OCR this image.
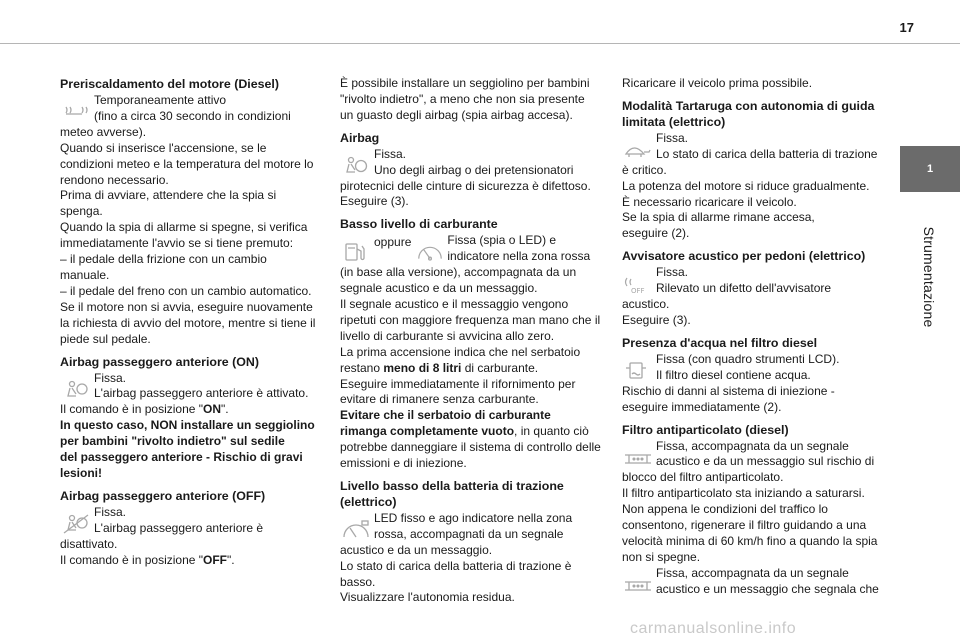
17
1
Strumentazione
Preriscaldamento del motore (Diesel)
Temporaneamente attivo
(fino a circa 30 secondo in condizioni
meteo avverse).
Quando si inserisce l'accensione, se le
condizioni meteo e la temperatura del motore lo
rendono necessario.
Prima di avviare, attendere che la spia si
spenga.
Quando la spia di allarme si spegne, si verifica
immediatamente l'avvio se si tiene premuto:
– il pedale della frizione con un cambio
manuale.
– il pedale del freno con un cambio automatico.
Se il motore non si avvia, eseguire nuovamente
la richiesta di avvio del motore, mentre si tiene il
piede sul pedale.
Airbag passeggero anteriore (ON)
Fissa.
L'airbag passeggero anteriore è attivato.
Il comando è in posizione "ON".
In questo caso, NON installare un seggiolino
per bambini "rivolto indietro" sul sedile
del passeggero anteriore - Rischio di gravi
lesioni!
Airbag passeggero anteriore (OFF)
Fissa.
L'airbag passeggero anteriore è
disattivato.
Il comando è in posizione "OFF".
È possibile installare un seggiolino per bambini
"rivolto indietro", a meno che non sia presente
un guasto degli airbag (spia airbag accesa).
Airbag
Fissa.
Uno degli airbag o dei pretensionatori
pirotecnici delle cinture di sicurezza è difettoso.
Eseguire (3).
Basso livello di carburante
oppure	Fissa (spia o LED) e
indicatore nella zona rossa
(in base alla versione), accompagnata da un
segnale acustico e da un messaggio.
Il segnale acustico e il messaggio vengono
ripetuti con maggiore frequenza man mano che il
livello di carburante si avvicina allo zero.
La prima accensione indica che nel serbatoio
restano meno di 8 litri di carburante.
Eseguire immediatamente il rifornimento per
evitare di rimanere senza carburante.
Evitare che il serbatoio di carburante
rimanga completamente vuoto, in quanto ciò
potrebbe danneggiare il sistema di controllo delle
emissioni e di iniezione.
Livello basso della batteria di trazione
(elettrico)
LED fisso e ago indicatore nella zona
rossa, accompagnati da un segnale
acustico e da un messaggio.
Lo stato di carica della batteria di trazione è
basso.
Visualizzare l'autonomia residua.
Ricaricare il veicolo prima possibile.
Modalità Tartaruga con autonomia di guida
limitata (elettrico)
Fissa.
Lo stato di carica della batteria di trazione
è critico.
La potenza del motore si riduce gradualmente.
È necessario ricaricare il veicolo.
Se la spia di allarme rimane accesa,
eseguire (2).
Avvisatore acustico per pedoni (elettrico)
OFF
Fissa.
Rilevato un difetto dell'avvisatore
acustico.
Eseguire (3).
Presenza d'acqua nel filtro diesel
Fissa (con quadro strumenti LCD).
Il filtro diesel contiene acqua.
Rischio di danni al sistema di iniezione -
eseguire immediatamente (2).
Filtro antiparticolato (diesel)
Fissa, accompagnata da un segnale
acustico e da un messaggio sul rischio di
blocco del filtro antiparticolato.
Il filtro antiparticolato sta iniziando a saturarsi.
Non appena le condizioni del traffico lo
consentono, rigenerare il filtro guidando a una
velocità minima di 60 km/h fino a quando la spia
non si spegne.
Fissa, accompagnata da un segnale
acustico e un messaggio che segnala che
carmanualsonline.info
